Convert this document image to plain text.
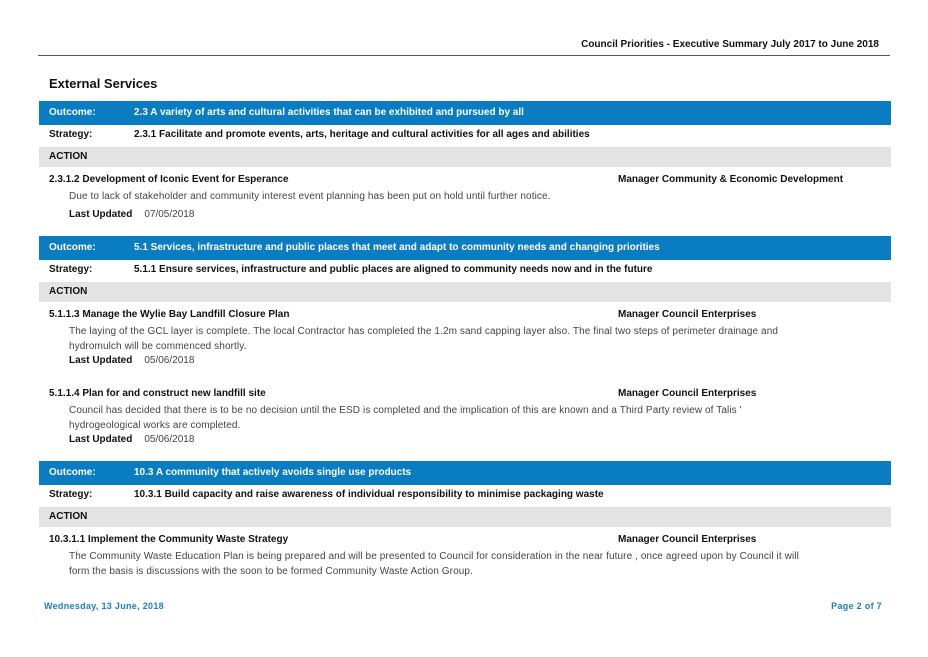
Council Priorities - Executive Summary July 2017 to June 2018
External Services
Outcome:	2.3 A variety of arts and cultural activities that can be exhibited and pursued by all
Strategy:	2.3.1 Facilitate and promote events, arts, heritage and cultural activities for all ages and abilities
ACTION
2.3.1.2 Development of Iconic Event for Esperance	Manager Community & Economic Development
Due to lack of stakeholder and community interest event planning has been put on hold until further notice.
Last Updated 07/05/2018
Outcome:	5.1 Services, infrastructure and public places that meet and adapt to community needs and changing priorities
Strategy:	5.1.1 Ensure services, infrastructure and public places are aligned to community needs now and in the future
ACTION
5.1.1.3 Manage the Wylie Bay Landfill Closure Plan	Manager Council Enterprises
The laying of the GCL layer is complete. The local Contractor has completed the 1.2m sand capping layer also. The final two steps of perimeter drainage and hydromulch will be commenced shortly.
Last Updated 05/06/2018
5.1.1.4 Plan for and construct new landfill site	Manager Council Enterprises
Council has decided that there is to be no decision until the ESD is completed and the implication of this are known and a Third Party review of Talis ' hydrogeological works are completed.
Last Updated 05/06/2018
Outcome:	10.3 A community that actively avoids single use products
Strategy:	10.3.1 Build capacity and raise awareness of individual responsibility to minimise packaging waste
ACTION
10.3.1.1 Implement the Community Waste Strategy	Manager Council Enterprises
The Community Waste Education Plan is being prepared and will be presented to Council for consideration in the near future , once agreed upon by Council it will form the basis is discussions with the soon to be formed Community Waste Action Group.
Wednesday, 13 June, 2018	Page 2 of 7
